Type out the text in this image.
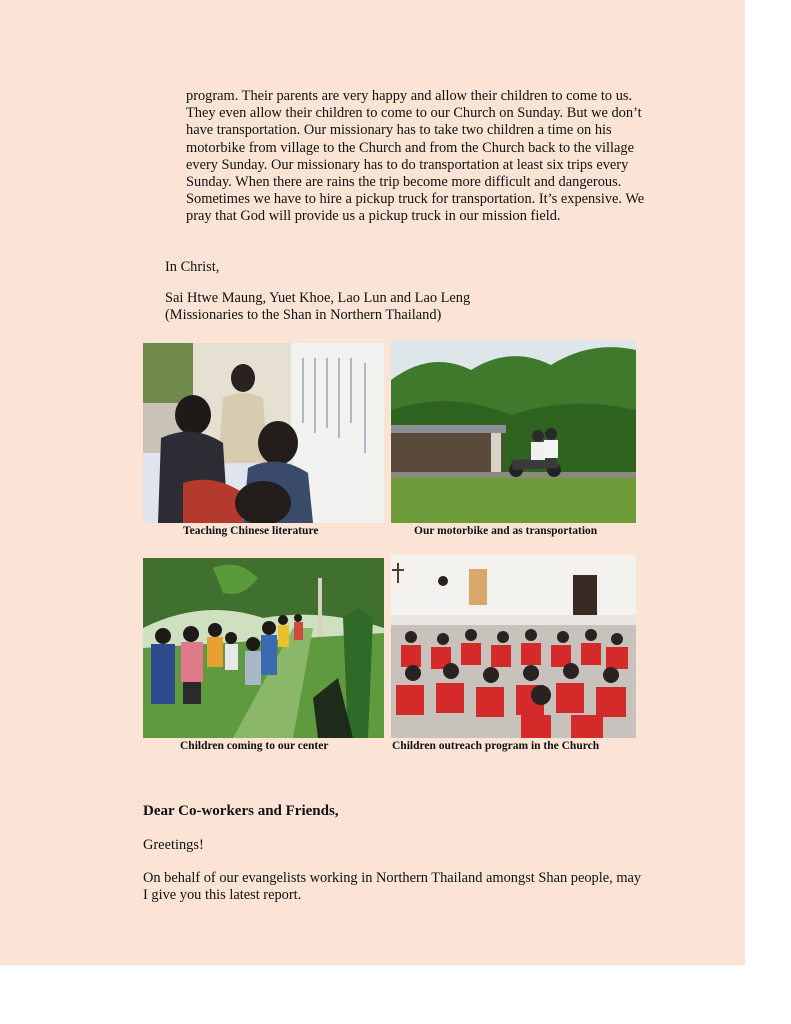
program. Their parents are very happy and allow their children to come to us. They even allow their children to come to our Church on Sunday. But we don’t have transportation. Our missionary has to take two children a time on his motorbike from village to the Church and from the Church back to the village every Sunday. Our missionary has to do transportation at least six trips every Sunday. When there are rains the trip become more difficult and dangerous. Sometimes we have to hire a pickup truck for transportation. It’s expensive. We pray that God will provide us a pickup truck in our mission field.

In Christ,

Sai Htwe Maung, Yuet Khoe, Lao Lun and Lao Leng
(Missionaries to the Shan in Northern Thailand)

Teaching Chinese literature	Our motorbike and as transportation
Children coming to our center	Children outreach program in the Church

Dear Co-workers and Friends,

Greetings!

On behalf of our evangelists working in Northern Thailand amongst Shan people, may I give you this latest report.
